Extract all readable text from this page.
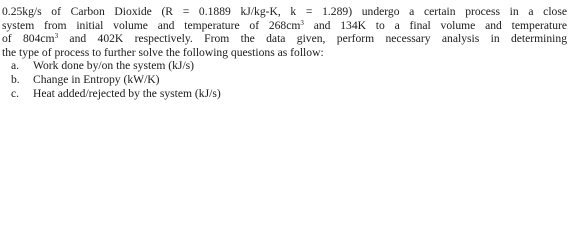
0.25kg/s of Carbon Dioxide (R = 0.1889 kJ/kg-K, k = 1.289) undergo a certain process in a close
system from initial volume and temperature of $268cm^3$ and 134K to a final volume and temperature
of $804cm^3$ and 402K respectively. From the data given, perform necessary analysis in determining
the type of process to further solve the following questions as follow:
a.	Work done by/on the system (kJ/s)
b.	Change in Entropy (kW/K)
c.	Heat added/rejected by the system (kJ/s)
